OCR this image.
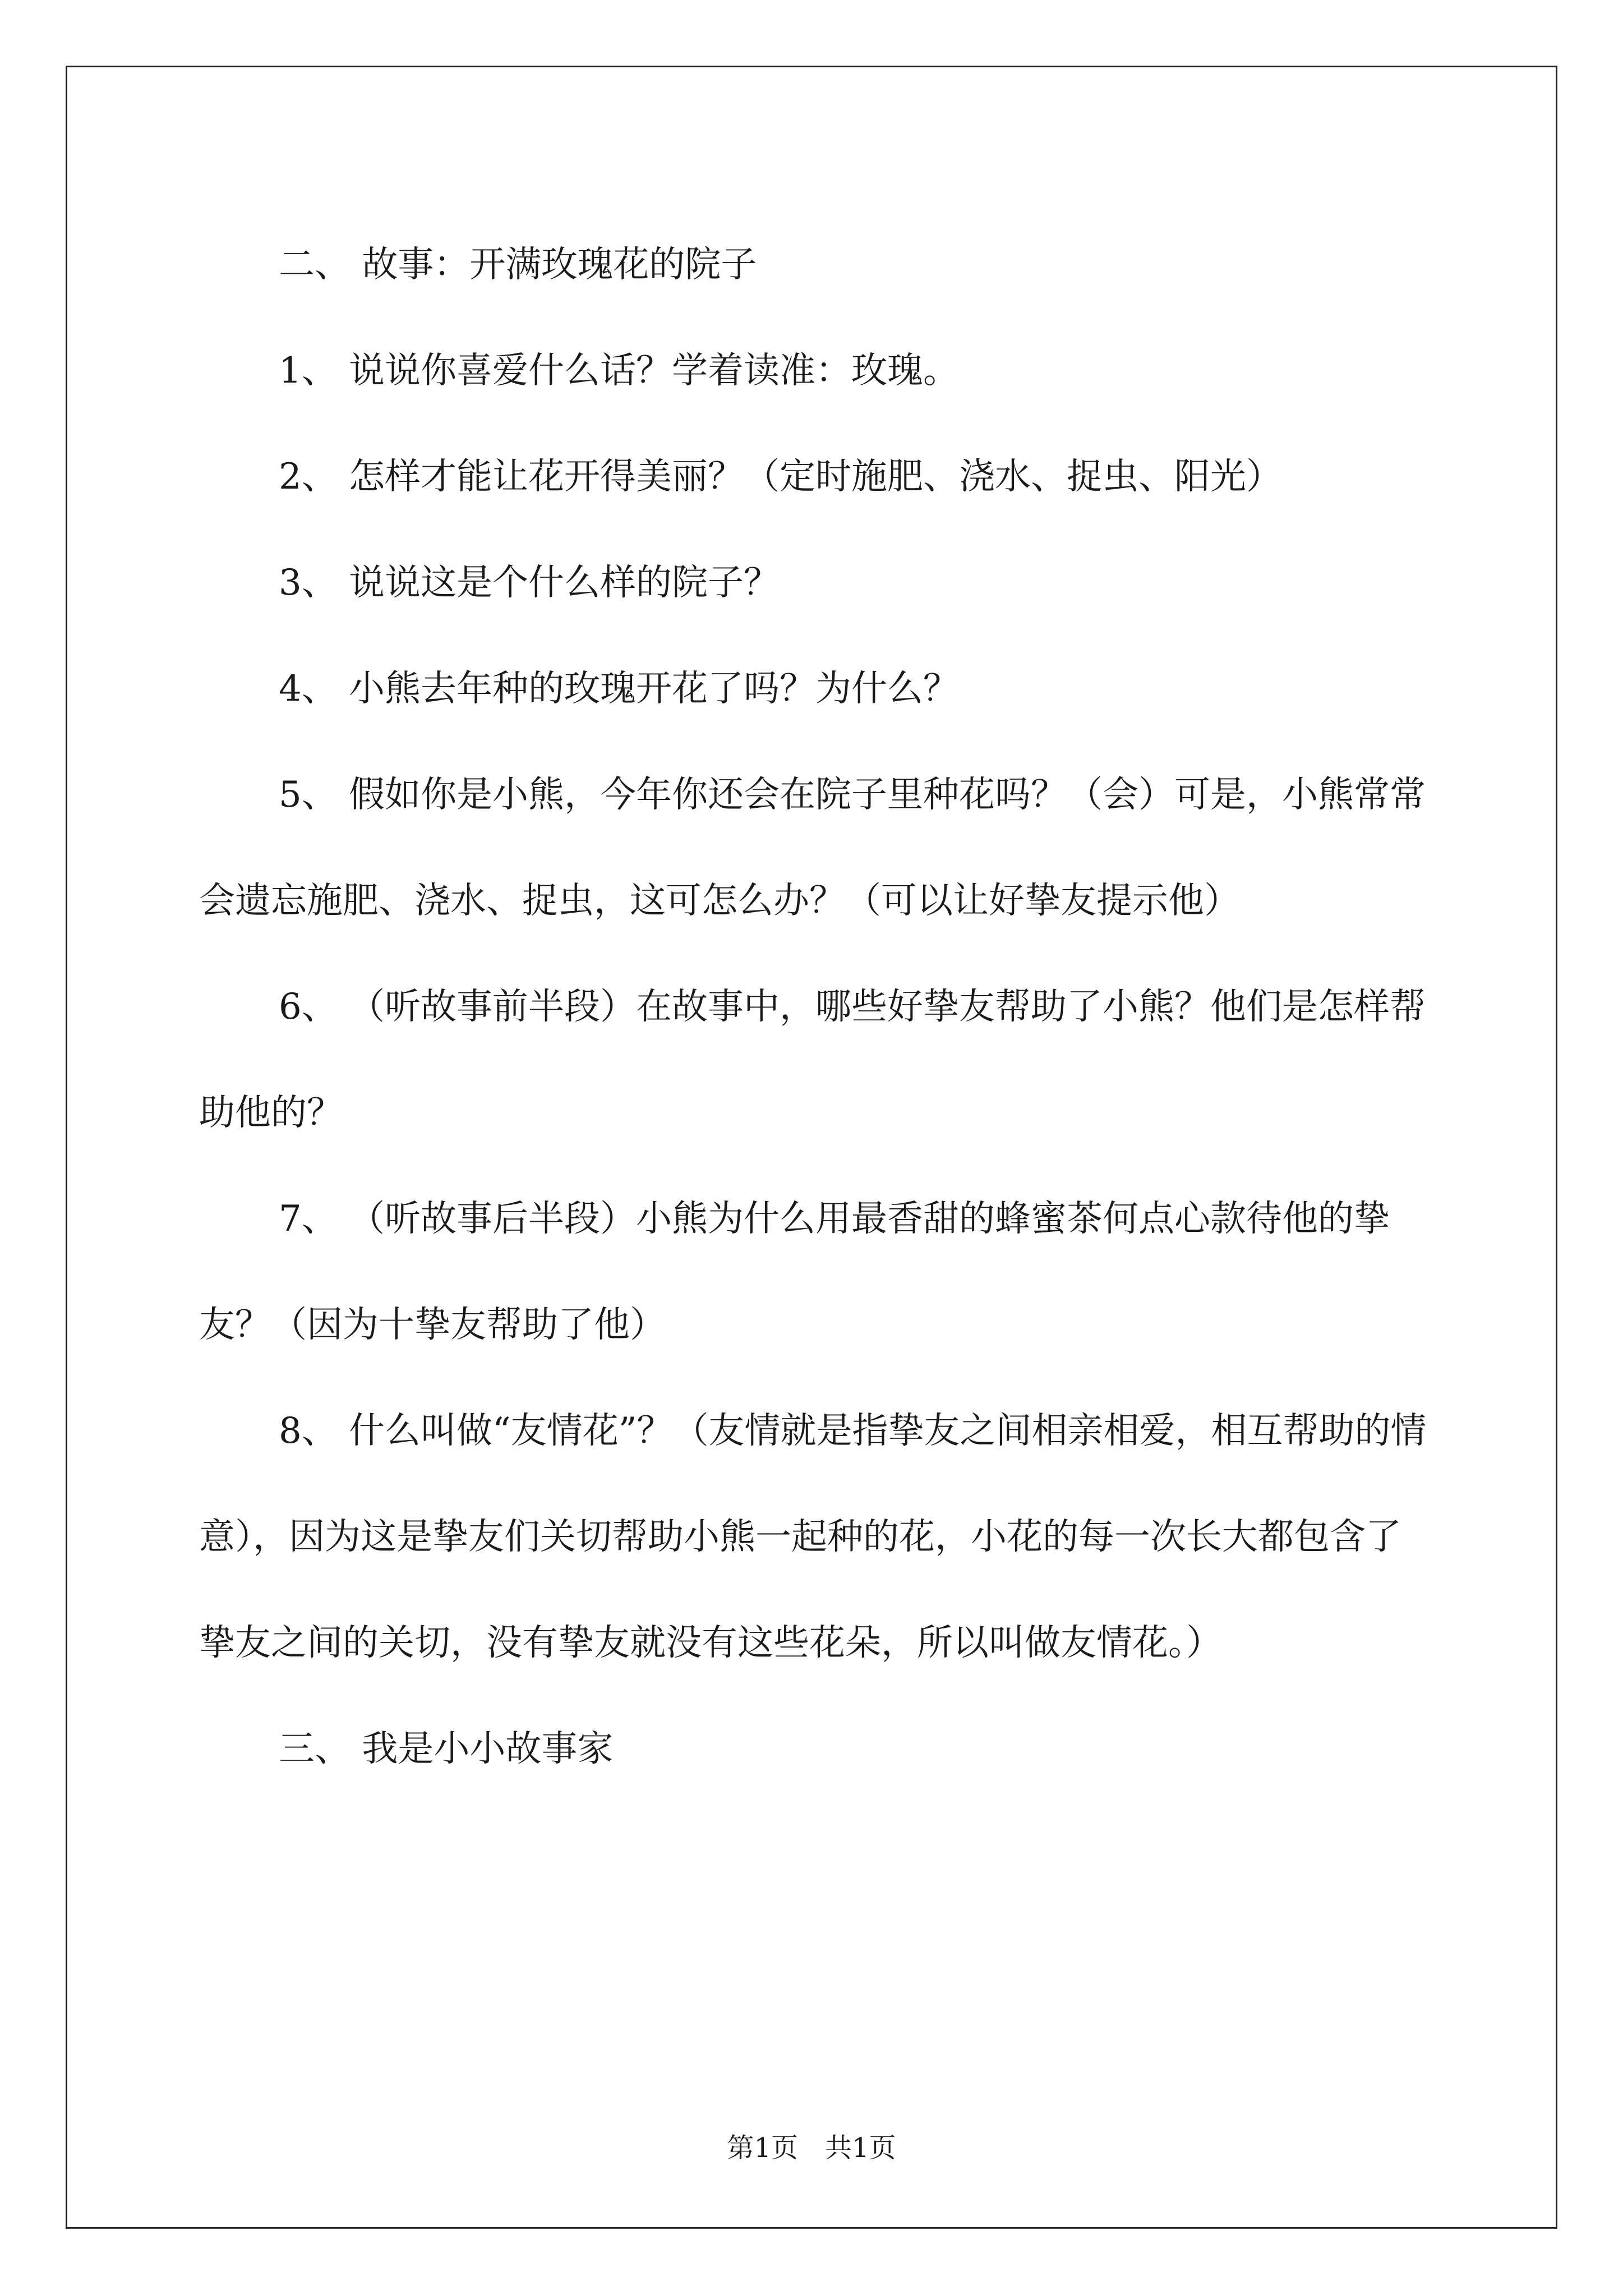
二、 故事：开满玫瑰花的院子

1、 说说你喜爱什么话？学着读准：玫瑰。

2、 怎样才能让花开得美丽？（定时施肥、浇水、捉虫、阳光）

3、 说说这是个什么样的院子？

4、 小熊去年种的玫瑰开花了吗？为什么？

5、 假如你是小熊，今年你还会在院子里种花吗？（会）可是，小熊常常会遗忘施肥、浇水、捉虫，这可怎么办？（可以让好挚友提示他）

6、 （听故事前半段）在故事中，哪些好挚友帮助了小熊？他们是怎样帮助他的？

7、 （听故事后半段）小熊为什么用最香甜的蜂蜜茶何点心款待他的挚友？（因为十挚友帮助了他）

8、 什么叫做“友情花”？（友情就是指挚友之间相亲相爱，相互帮助的情意），因为这是挚友们关切帮助小熊一起种的花，小花的每一次长大都包含了挚友之间的关切，没有挚友就没有这些花朵，所以叫做友情花。）

三、 我是小小故事家

第1页 共1页
